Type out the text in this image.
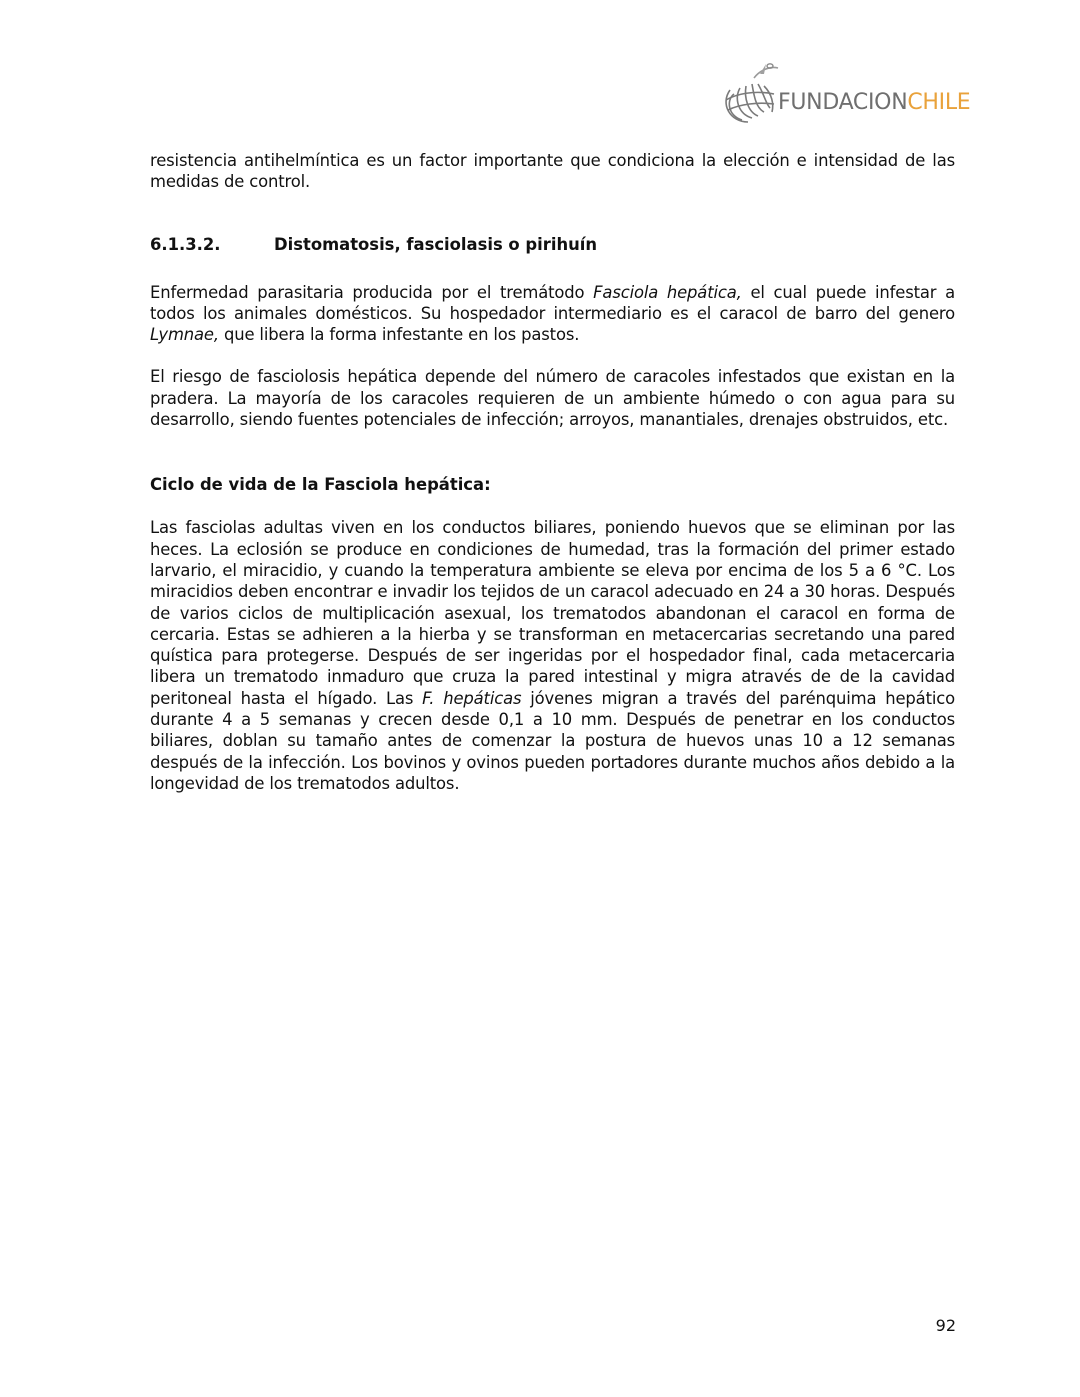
FUNDACIONCHILE

resistencia antihelmíntica es un factor importante que condiciona la elección e intensidad de las medidas de control.

6.1.3.2.	Distomatosis, fasciolasis o pirihuín

Enfermedad parasitaria producida por el tremátodo Fasciola hepática, el cual puede infestar a todos los animales domésticos. Su hospedador intermediario es el caracol de barro del genero Lymnae, que libera la forma infestante en los pastos.

El riesgo de fasciolosis hepática depende del número de caracoles infestados que existan en la pradera. La mayoría de los caracoles requieren de un ambiente húmedo o con agua para su desarrollo, siendo fuentes potenciales de infección; arroyos, manantiales, drenajes obstruidos, etc.

Ciclo de vida de la Fasciola hepática:

Las fasciolas adultas viven en los conductos biliares, poniendo huevos que se eliminan por las heces. La eclosión se produce en condiciones de humedad, tras la formación del primer estado larvario, el miracidio, y cuando la temperatura ambiente se eleva por encima de los 5 a 6 °C. Los miracidios deben encontrar e invadir los tejidos de un caracol adecuado en 24 a 30 horas. Después de varios ciclos de multiplicación asexual, los trematodos abandonan el caracol en forma de cercaria. Estas se adhieren a la hierba y se transforman en metacercarias secretando una pared quística para protegerse. Después de ser ingeridas por el hospedador final, cada metacercaria libera un trematodo inmaduro que cruza la pared intestinal y migra através de de la cavidad peritoneal hasta el hígado. Las F. hepáticas jóvenes migran a través del parénquima hepático durante 4 a 5 semanas y crecen desde 0,1 a 10 mm. Después de penetrar en los conductos biliares, doblan su tamaño antes de comenzar la postura de huevos unas 10 a 12 semanas después de la infección. Los bovinos y ovinos pueden portadores durante muchos años debido a la longevidad de los trematodos adultos.

92
